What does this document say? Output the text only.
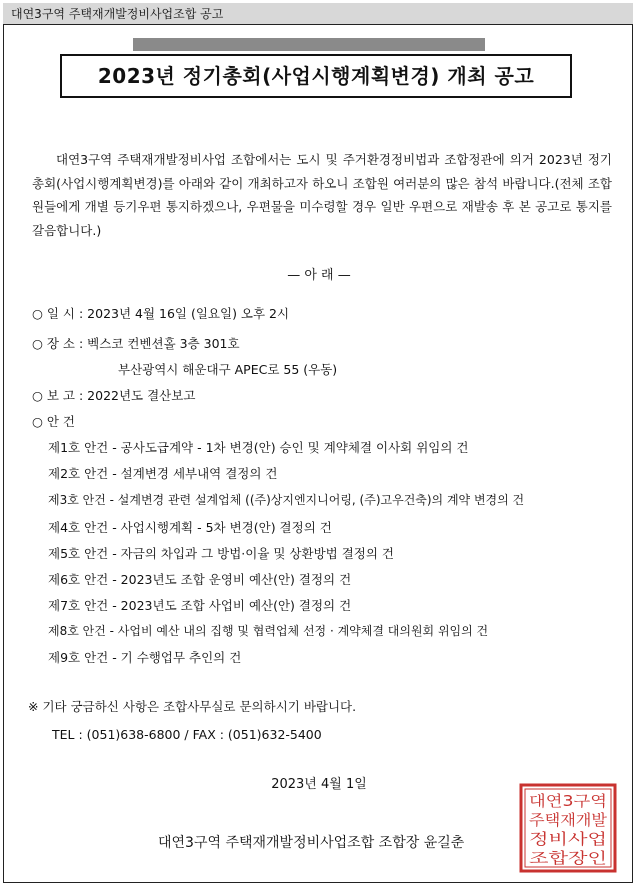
대연3구역 주택재개발정비사업조합 공고
2023년 정기총회(사업시행계획변경) 개최 공고

대연3구역 주택재개발정비사업 조합에서는 도시 및 주거환경정비법과 조합정관에 의거 2023년 정기총회(사업시행계획변경)를 아래와 같이 개최하고자 하오니 조합원 여러분의 많은 참석 바랍니다.(전체 조합원들에게 개별 등기우편 통지하겠으나, 우편물을 미수령할 경우 일반 우편으로 재발송 후 본 공고로 통지를 갈음합니다.)

— 아 래 —
○ 일 시 : 2023년 4월 16일 (일요일) 오후 2시
○ 장 소 : 벡스코 컨벤션홀 3층 301호
부산광역시 해운대구 APEC로 55 (우동)
○ 보 고 : 2022년도 결산보고
○ 안 건
제1호 안건 - 공사도급계약 - 1차 변경(안) 승인 및 계약체결 이사회 위임의 건
제2호 안건 - 설계변경 세부내역 결정의 건
제3호 안건 - 설계변경 관련 설계업체 ((주)상지엔지니어링, (주)고우건축)의 계약 변경의 건
제4호 안건 - 사업시행계획 - 5차 변경(안) 결정의 건
제5호 안건 - 자금의 차입과 그 방법·이율 및 상환방법 결정의 건
제6호 안건 - 2023년도 조합 운영비 예산(안) 결정의 건
제7호 안건 - 2023년도 조합 사업비 예산(안) 결정의 건
제8호 안건 - 사업비 예산 내의 집행 및 협력업체 선정 · 계약체결 대의원회 위임의 건
제9호 안건 - 기 수행업무 추인의 건
※ 기타 궁금하신 사항은 조합사무실로 문의하시기 바랍니다.
TEL : (051)638-6800 / FAX : (051)632-5400
2023년 4월 1일
대연3구역 주택재개발정비사업조합 조합장 윤길춘
대연3구역
주택재개발
정비사업
조합장인
